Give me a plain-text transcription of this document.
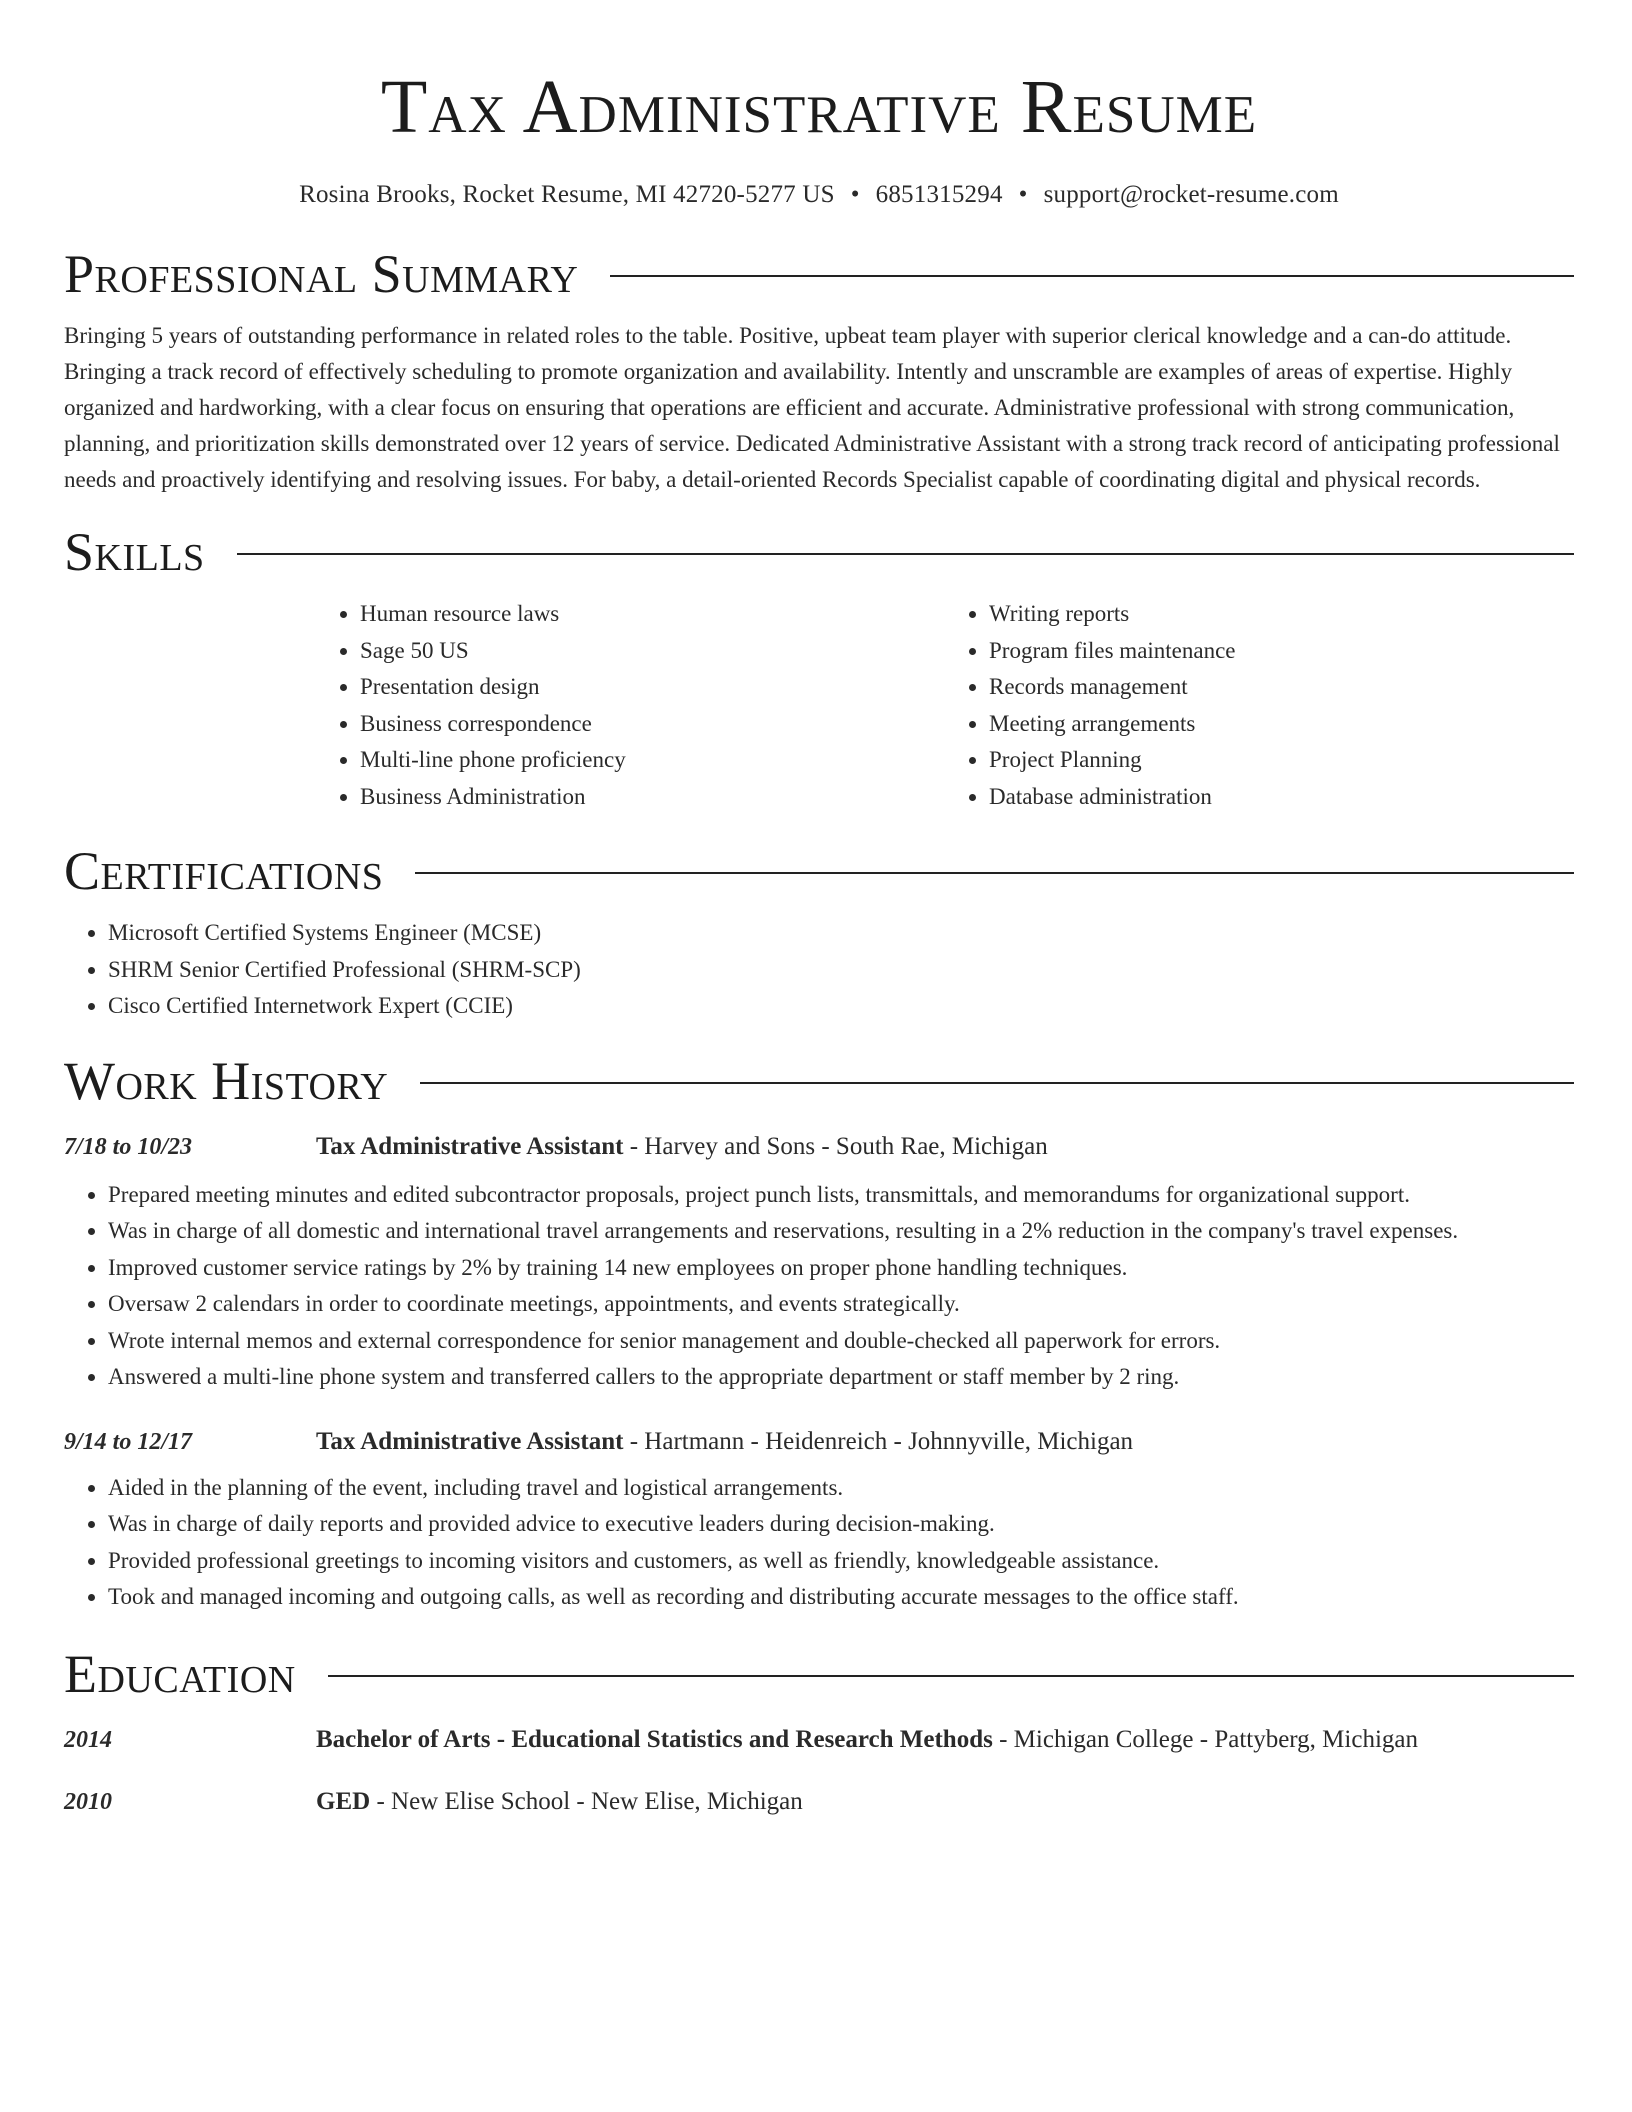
Tax Administrative Resume
Rosina Brooks, Rocket Resume, MI 42720-5277 US • 6851315294 • support@rocket-resume.com
Professional Summary

Bringing 5 years of outstanding performance in related roles to the table. Positive, upbeat team player with superior clerical knowledge and a can-do attitude. Bringing a track record of effectively scheduling to promote organization and availability. Intently and unscramble are examples of areas of expertise. Highly organized and hardworking, with a clear focus on ensuring that operations are efficient and accurate. Administrative professional with strong communication, planning, and prioritization skills demonstrated over 12 years of service. Dedicated Administrative Assistant with a strong track record of anticipating professional needs and proactively identifying and resolving issues. For baby, a detail-oriented Records Specialist capable of coordinating digital and physical records.

Skills
• Human resource laws
• Sage 50 US
• Presentation design
• Business correspondence
• Multi-line phone proficiency
• Business Administration
• Writing reports
• Program files maintenance
• Records management
• Meeting arrangements
• Project Planning
• Database administration
Certifications
• Microsoft Certified Systems Engineer (MCSE)
• SHRM Senior Certified Professional (SHRM-SCP)
• Cisco Certified Internetwork Expert (CCIE)
Work History
7/18 to 10/23	Tax Administrative Assistant - Harvey and Sons - South Rae, Michigan
• Prepared meeting minutes and edited subcontractor proposals, project punch lists, transmittals, and memorandums for organizational support.
• Was in charge of all domestic and international travel arrangements and reservations, resulting in a 2% reduction in the company's travel expenses.
• Improved customer service ratings by 2% by training 14 new employees on proper phone handling techniques.
• Oversaw 2 calendars in order to coordinate meetings, appointments, and events strategically.
• Wrote internal memos and external correspondence for senior management and double-checked all paperwork for errors.
• Answered a multi-line phone system and transferred callers to the appropriate department or staff member by 2 ring.
9/14 to 12/17	Tax Administrative Assistant - Hartmann - Heidenreich - Johnnyville, Michigan
• Aided in the planning of the event, including travel and logistical arrangements.
• Was in charge of daily reports and provided advice to executive leaders during decision-making.
• Provided professional greetings to incoming visitors and customers, as well as friendly, knowledgeable assistance.
• Took and managed incoming and outgoing calls, as well as recording and distributing accurate messages to the office staff.
Education
2014	Bachelor of Arts - Educational Statistics and Research Methods - Michigan College - Pattyberg, Michigan
2010	GED - New Elise School - New Elise, Michigan
